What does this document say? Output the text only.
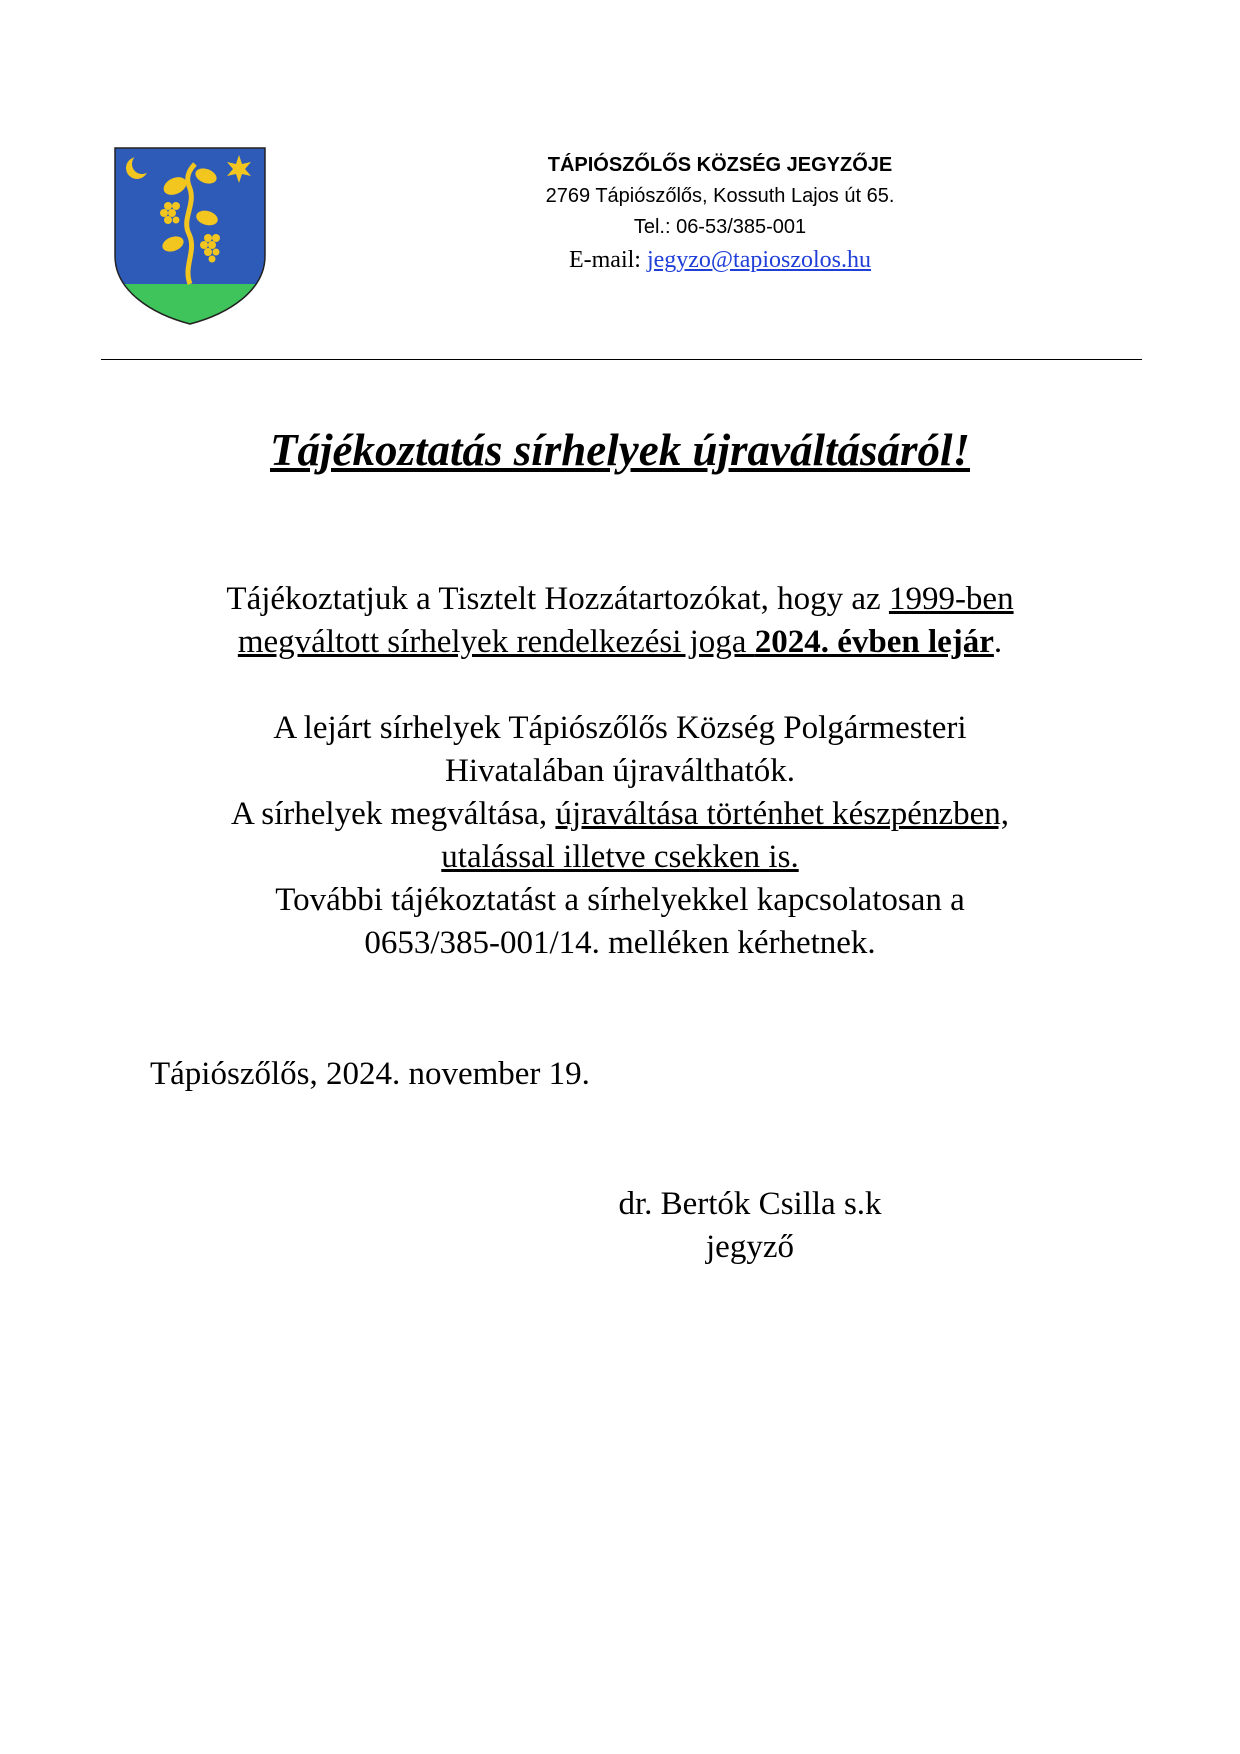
TÁPIÓSZŐLŐS KÖZSÉG JEGYZŐJE
2769 Tápiószőlős, Kossuth Lajos út 65.
Tel.: 06-53/385-001
E-mail: jegyzo@tapioszolos.hu
Tájékoztatás sírhelyek újraváltásáról!
Tájékoztatjuk a Tisztelt Hozzátartozókat, hogy az 1999-ben
megváltott sírhelyek rendelkezési joga 2024. évben lejár.
A lejárt sírhelyek Tápiószőlős Község Polgármesteri
Hivatalában újraválthatók.
A sírhelyek megváltása, újraváltása történhet készpénzben,
utalással illetve csekken is.
További tájékoztatást a sírhelyekkel kapcsolatosan a
0653/385-001/14. melléken kérhetnek.
Tápiószőlős, 2024. november 19.
dr. Bertók Csilla s.k
jegyző
